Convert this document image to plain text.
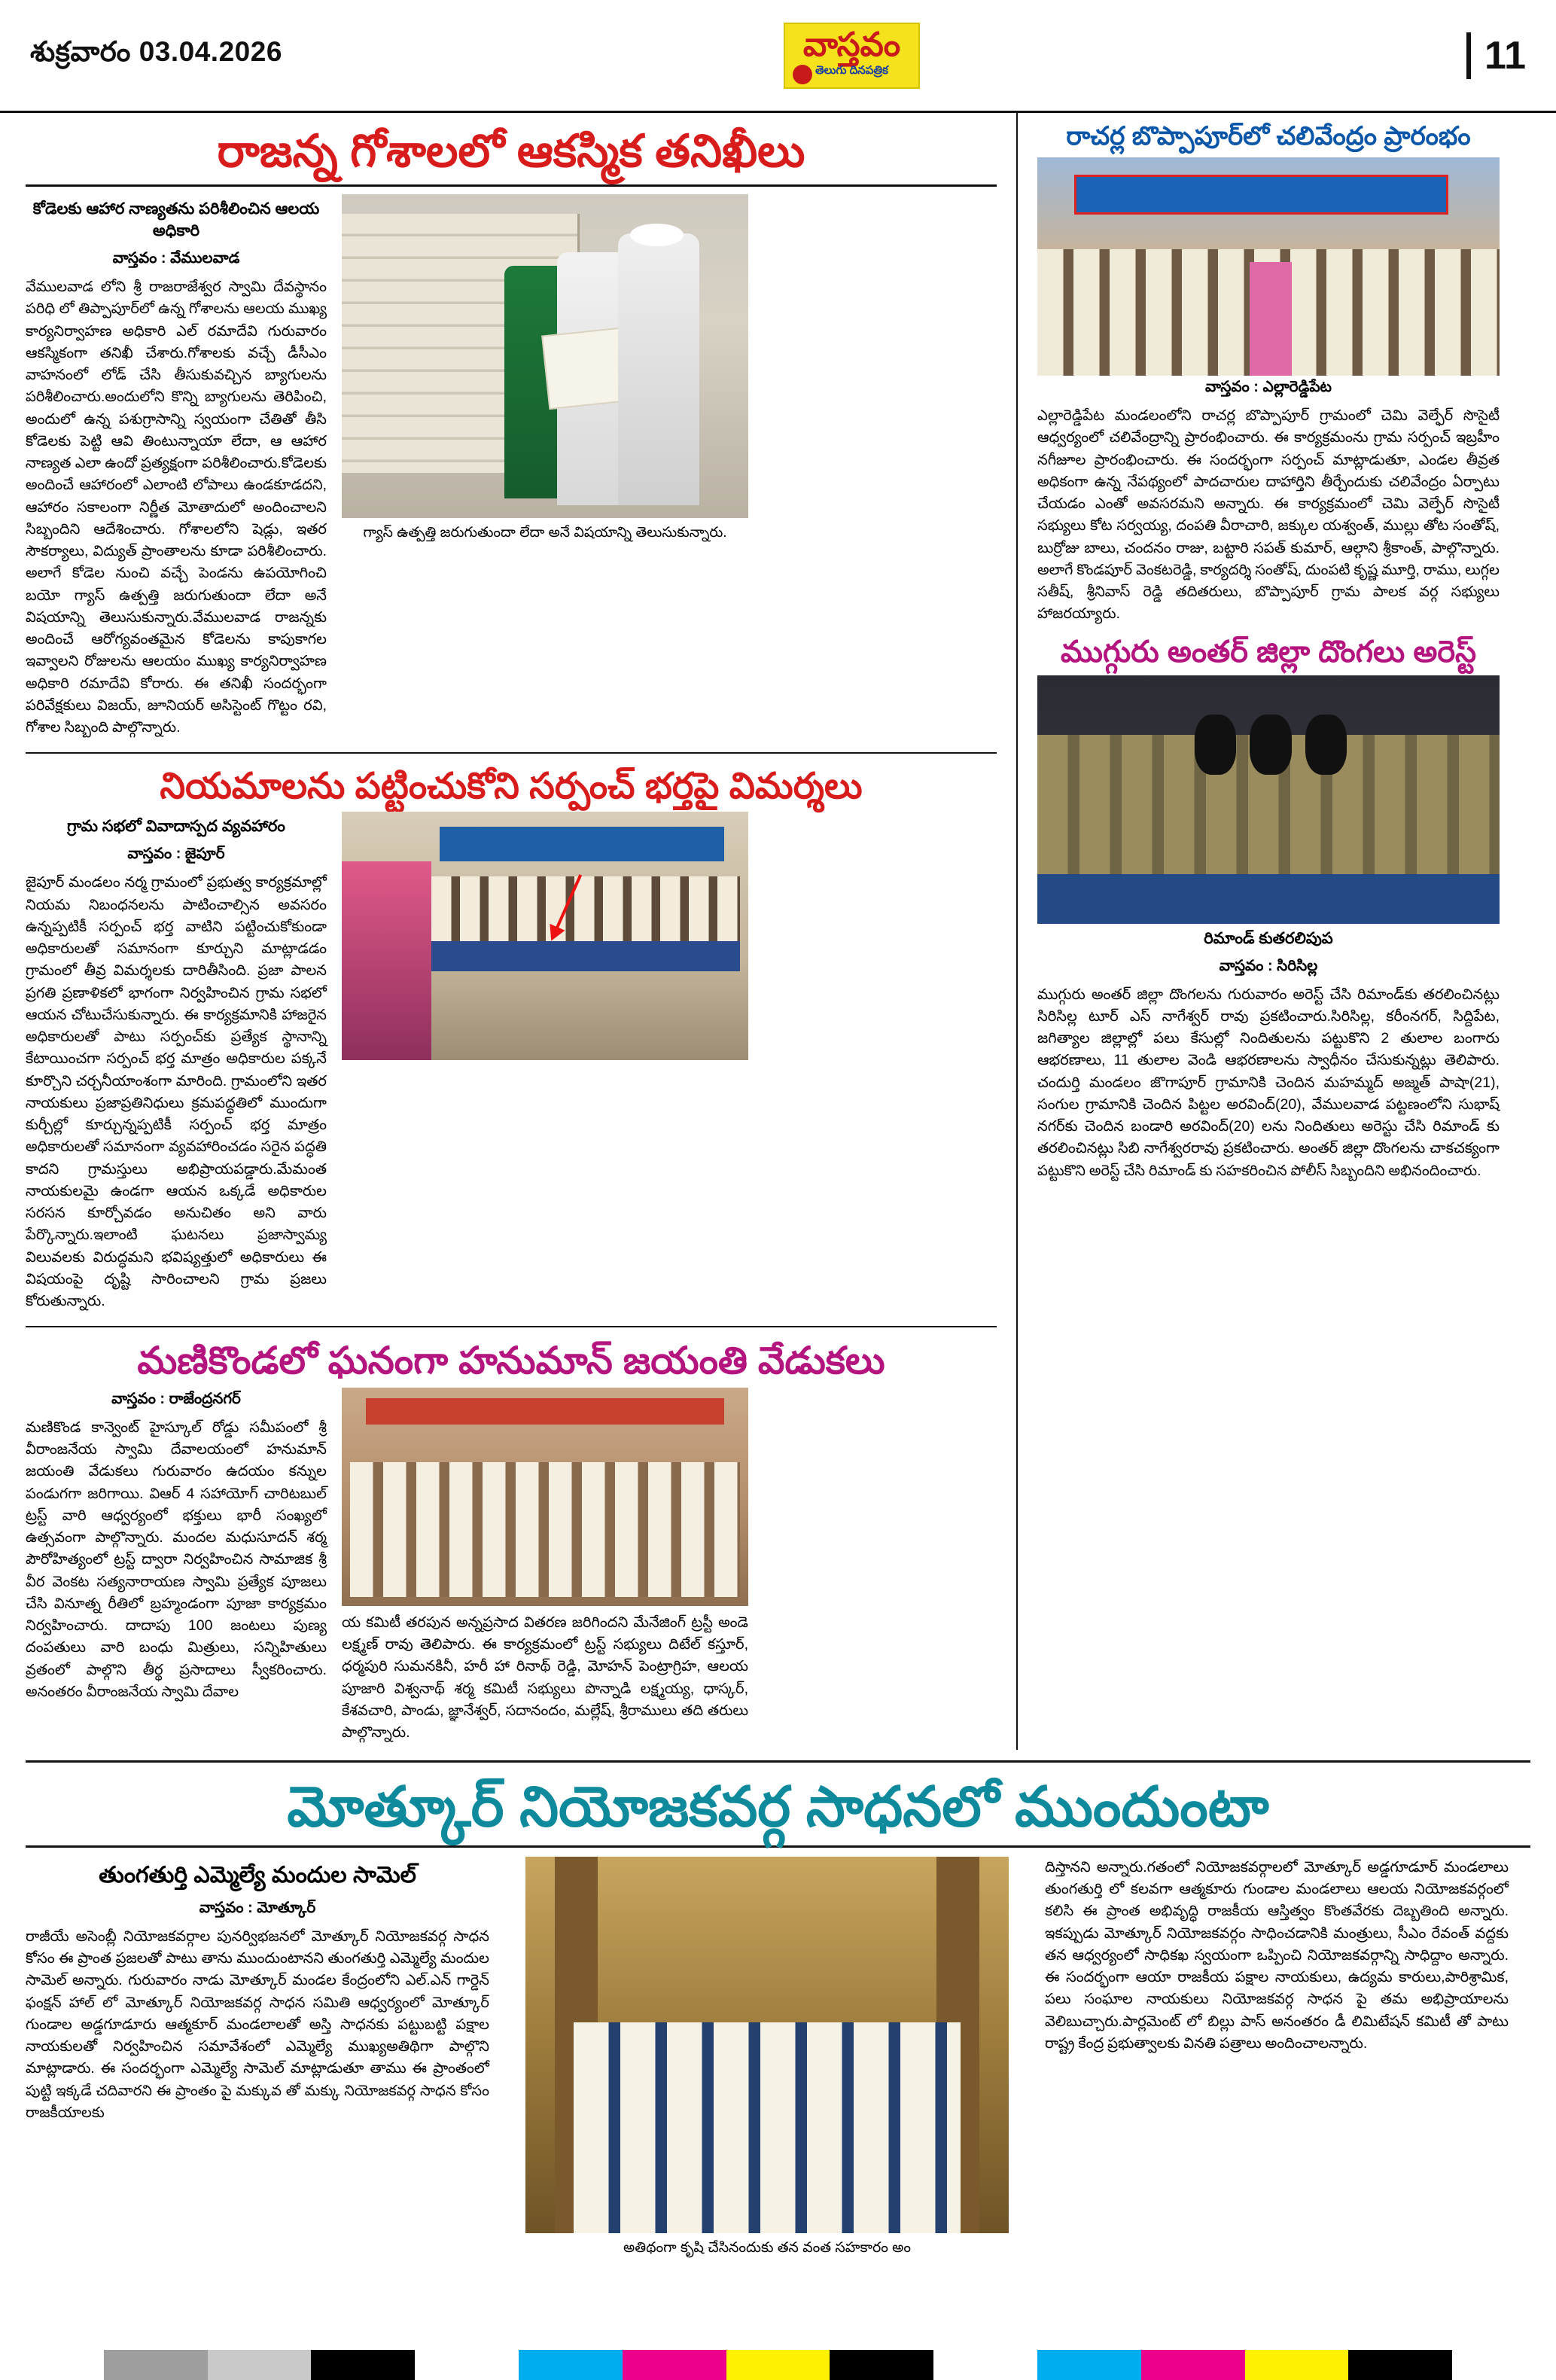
శుక్రవారం 03.04.2026	వాస్తవం
తెలుగు దినపత్రిక	11
రాజన్న గోశాలలో ఆకస్మిక తనిఖీలు
కోడెలకు ఆహార నాణ్యతను పరిశీలించిన ఆలయ అధికారి
వాస్తవం : వేములవాడ

వేములవాడ లోని శ్రీ రాజరాజేశ్వర స్వామి దేవస్థానం పరిధి లో తిప్పాపూర్‌లో ఉన్న గోశాలను ఆలయ ముఖ్య కార్యనిర్వాహణ అధికారి ఎల్ రమాదేవి గురువారం ఆకస్మికంగా తనిఖీ చేశారు.గోశాలకు వచ్చే డీసీఎం వాహనంలో లోడ్ చేసి తీసుకువచ్చిన బ్యాగులను పరిశీలించారు.అందులోని కొన్ని బ్యాగులను తెరిపించి, అందులో ఉన్న పశుగ్రాసాన్ని స్వయంగా చేతితో తీసి కోడెలకు పెట్టి ఆవి తింటున్నాయా లేదా, ఆ ఆహార నాణ్యత ఎలా ఉందో ప్రత్యక్షంగా పరిశీలించారు.కోడెలకు అందించే ఆహారంలో ఎలాంటి లోపాలు ఉండకూడదని, ఆహారం సకాలంగా నిర్ణీత మోతాదులో అందించాలని సిబ్బందిని ఆదేశించారు. గోశాలలోని షెడ్లు, ఇతర సౌకర్యాలు, విద్యుత్ ప్రాంతాలను కూడా పరిశీలించారు. అలాగే కోడెల నుంచి వచ్చే పెండను ఉపయోగించి బయో గ్యాస్ ఉత్పత్తి జరుగుతుందా లేదా అనే విషయాన్ని తెలుసుకున్నారు.వేములవాడ రాజన్నకు అందించే ఆరోగ్యవంతమైన కోడెలను కాపుకాగల ఇవ్వాలని రోజులను ఆలయం ముఖ్య కార్యనిర్వాహణ అధికారి రమాదేవి కోరారు. ఈ తనిఖీ సందర్భంగా పరివేక్షకులు విజయ్, జూనియర్ అసిస్టెంట్ గొట్టం రవి, గోశాల సిబ్బంది పాల్గొన్నారు.

గ్యాస్ ఉత్పత్తి జరుగుతుందా లేదా అనే విషయాన్ని తెలుసుకున్నారు.
నియమాలను పట్టించుకోని సర్పంచ్ భర్తపై విమర్శలు
గ్రామ సభలో వివాదాస్పద వ్యవహారం
వాస్తవం : జైపూర్

జైపూర్ మండలం నర్మ గ్రామంలో ప్రభుత్వ కార్యక్రమాల్లో నియమ నిబంధనలను పాటించాల్సిన అవసరం ఉన్నప్పటికీ సర్పంచ్ భర్త వాటిని పట్టించుకోకుండా అధికారులతో సమానంగా కూర్చుని మాట్లాడడం గ్రామంలో తీవ్ర విమర్శలకు దారితీసింది. ప్రజా పాలన ప్రగతి ప్రణాళికలో భాగంగా నిర్వహించిన గ్రామ సభలో ఆయన చోటుచేసుకున్నారు. ఈ కార్యక్రమానికి హాజరైన అధికారులతో పాటు సర్పంచ్‌కు ప్రత్యేక స్థానాన్ని కేటాయించగా సర్పంచ్ భర్త మాత్రం అధికారుల పక్కనే కూర్చొని చర్చనీయాంశంగా మారింది. గ్రామంలోని ఇతర నాయకులు ప్రజాప్రతినిధులు క్రమపద్ధతిలో ముందుగా కుర్చీల్లో కూర్చున్నప్పటికీ సర్పంచ్ భర్త మాత్రం అధికారులతో సమానంగా వ్యవహారించడం సరైన పద్ధతి కాదని గ్రామస్తులు అభిప్రాయపడ్డారు.మేమంత నాయకులమై ఉండగా ఆయన ఒక్కడే అధికారుల సరసన కూర్చోవడం అనుచితం అని వారు పేర్కొన్నారు.ఇలాంటి ఘటనలు ప్రజాస్వామ్య విలువలకు విరుద్ధమని భవిష్యత్తులో అధికారులు ఈ విషయంపై దృష్టి సారించాలని గ్రామ ప్రజలు కోరుతున్నారు.

మణికొండలో ఘనంగా హనుమాన్ జయంతి వేడుకలు
వాస్తవం : రాజేంద్రనగర్

మణికొండ కాన్వెంట్ హైస్కూల్ రోడ్డు సమీపంలో శ్రీ వీరాంజనేయ స్వామి దేవాలయంలో హనుమాన్ జయంతి వేడుకలు గురువారం ఉదయం కన్నుల పండుగగా జరిగాయి. విఆర్ 4 సహాయోగ్ చారిటబుల్ ట్రస్ట్ వారి ఆధ్వర్యంలో భక్తులు భారీ సంఖ్యలో ఉత్సవంగా పాల్గొన్నారు. మందల మధుసూదన్ శర్మ పౌరోహిత్యంలో ట్రస్ట్ ద్వారా నిర్వహించిన సామాజిక శ్రీ వీర వెంకట సత్యనారాయణ స్వామి ప్రత్యేక పూజలు చేసి వినూత్న రీతిలో బ్రహ్మండంగా పూజా కార్యక్రమం నిర్వహించారు. దాదాపు 100 జంటలు పుణ్య దంపతులు వారి బంధు మిత్రులు, సన్నిహితులు వ్రతంలో పాల్గొని తీర్థ ప్రసాదాలు స్వీకరించారు. అనంతరం వీరాంజనేయ స్వామి దేవాల

య కమిటీ తరపున అన్నప్రసాద వితరణ జరిగిందని మేనేజింగ్ ట్రస్టీ అండె లక్ష్మణ్ రావు తెలిపారు. ఈ కార్యక్రమంలో ట్రస్ట్ సభ్యులు దిటేల్ కస్తూర్, ధర్మపురి సుమనకినీ, హరీ హా రినాథ్ రెడ్డి, మోహన్ పెంట్రాగ్రిహ, ఆలయ పూజారి విశ్వనాథ్ శర్మ కమిటీ సభ్యులు పొన్నాడి లక్ష్మయ్య, ధాస్కర్, కేశవచారి, పాండు, జ్ఞానేశ్వర్, సదానందం, మల్లేష్, శ్రీరాములు తది తరులు పాల్గొన్నారు.

రాచర్ల బొప్పాపూర్‌లో చలివేంద్రం ప్రారంభం
వాస్తవం : ఎల్లారెడ్డిపేట

ఎల్లారెడ్డిపేట మండలంలోని రాచర్ల బొప్పాపూర్ గ్రామంలో చెమి వెల్ఫేర్ సొసైటీ ఆధ్వర్యంలో చలివేంద్రాన్ని ప్రారంభించారు. ఈ కార్యక్రమంను గ్రామ సర్పంచ్ ఇబ్రహీం నగీజూల ప్రారంభించారు. ఈ సందర్భంగా సర్పంచ్ మాట్లాడుతూ, ఎండల తీవ్రత అధికంగా ఉన్న నేపథ్యంలో పాదచారుల దాహార్తిని తీర్చేందుకు చలివేంద్రం ఏర్పాటు చేయడం ఎంతో అవసరమని అన్నారు. ఈ కార్యక్రమంలో చెమి వెల్ఫేర్ సొసైటీ సభ్యులు కోట సర్వయ్య, దంపతి వీరాచారి, జక్కుల యశ్వంత్, ముల్లు తోట సంతోష్, బుర్రోజు బాలు, చందనం రాజు, బట్టారి సపత్ కుమార్, ఆల్గాని శ్రీకాంత్, పాల్గొన్నారు. అలాగే కొండపూర్ వెంకటరెడ్డి, కార్యదర్శి సంతోష్, దుంపటి కృష్ణ మూర్తి, రాము, లుగ్గల సతీష్, శ్రీనివాస్ రెడ్డి తదితరులు, బొప్పాపూర్ గ్రామ పాలక వర్గ సభ్యులు హాజరయ్యారు.

ముగ్గురు అంతర్ జిల్లా దొంగలు అరెస్ట్
రిమాండ్ కుతరలిపుప
వాస్తవం : సిరిసిల్ల

ముగ్గురు అంతర్ జిల్లా దొంగలను గురువారం అరెస్ట్ చేసి రిమాండ్‌కు తరలించినట్లు సిరిసిల్ల టూర్ ఎస్ నాగేశ్వర్ రావు ప్రకటించారు.సిరిసిల్ల, కరీంనగర్, సిద్దిపేట, జగిత్యాల జిల్లాల్లో పలు కేసుల్లో నిందితులను పట్టుకొని 2 తులాల బంగారు ఆభరణాలు, 11 తులాల వెండి ఆభరణాలను స్వాధీనం చేసుకున్నట్లు తెలిపారు. చందుర్తి మండలం జొగాపూర్ గ్రామానికి చెందిన మహమ్మద్ అజ్మత్ పాషా(21), సంగుల గ్రామానికి చెందిన పిట్టల అరవింద్(20), వేములవాడ పట్టణంలోని సుభాష్ నగర్‌కు చెందిన బండారి అరవింద్(20) లను నిందితులు అరెస్టు చేసి రిమాండ్ కు తరలించినట్లు సిబి నాగేశ్వరరావు ప్రకటించారు. అంతర్ జిల్లా దొంగలను చాకచక్యంగా పట్టుకొని అరెస్ట్ చేసి రిమాండ్ కు సహకరించిన పోలీస్ సిబ్బందిని అభినందించారు.

మోత్కూర్ నియోజకవర్గ సాధనలో ముందుంటా
తుంగతుర్తి ఎమ్మెల్యే మందుల సామెల్
వాస్తవం : మోత్కూర్

రాజీయే అసెంబ్లీ నియోజకవర్గాల పునర్విభజనలో మోత్కూర్ నియోజకవర్గ సాధన కోసం ఈ ప్రాంత ప్రజలతో పాటు తాను ముందుంటానని తుంగతుర్తి ఎమ్మెల్యే మందుల సామెల్ అన్నారు. గురువారం నాడు మోత్కూర్ మండల కేంద్రంలోని ఎల్.ఎన్ గార్డెన్ ఫంక్షన్ హాల్ లో మోత్కూర్ నియోజకవర్గ సాధన సమితి ఆధ్వర్యంలో మోత్కూర్ గుండాల అడ్డగూడూరు ఆత్మకూర్ మండలాలతో అస్తి సాధనకు పట్టుబట్టి పక్షాల నాయకులతో నిర్వహించిన సమావేశంలో ఎమ్మెల్యే ముఖ్యఅతిథిగా పాల్గొని మాట్లాడారు. ఈ సందర్భంగా ఎమ్మెల్యే సామెల్ మాట్లాడుతూ తాము ఈ ప్రాంతంలో పుట్టి ఇక్కడే చదివారని ఈ ప్రాంతం పై మక్కువ తో మక్కు నియోజకవర్గ సాధన కోసం రాజకీయాలకు

అతిథంగా కృషి చేసినందుకు తన వంత సహకారం అం

దిస్తానని అన్నారు.గతంలో నియోజకవర్గాలలో మోత్కూర్ అడ్డగూడూర్ మండలాలు తుంగతుర్తి లో కలవగా ఆత్మకూరు గుండాల మండలాలు ఆలయ నియోజకవర్గంలో కలిసి ఈ ప్రాంత అభివృద్ధి రాజకీయ ఆస్తిత్వం కొంతవేరకు దెబ్బతింది అన్నారు. ఇకప్పుడు మోత్కూర్ నియోజకవర్గం సాధించడానికి మంత్రులు, సీఎం రేవంత్ వద్దకు తన ఆధ్వర్యంలో సాధికఖ స్వయంగా ఒప్పించి నియోజకవర్గాన్ని సాధిద్దాం అన్నారు. ఈ సందర్భంగా ఆయా రాజకీయ పక్షాల నాయకులు, ఉద్యమ కారులు,పారిశ్రామిక, పలు సంఘాల నాయకులు నియోజకవర్గ సాధన పై తమ అభిప్రాయాలను వెలిబుచ్చారు.పార్లమెంట్ లో బిల్లు పాస్ అనంతరం డీ లిమిటేషన్ కమిటీ తో పాటు రాష్ట్ర కేంద్ర ప్రభుత్వాలకు వినతి పత్రాలు అందించాలన్నారు.
